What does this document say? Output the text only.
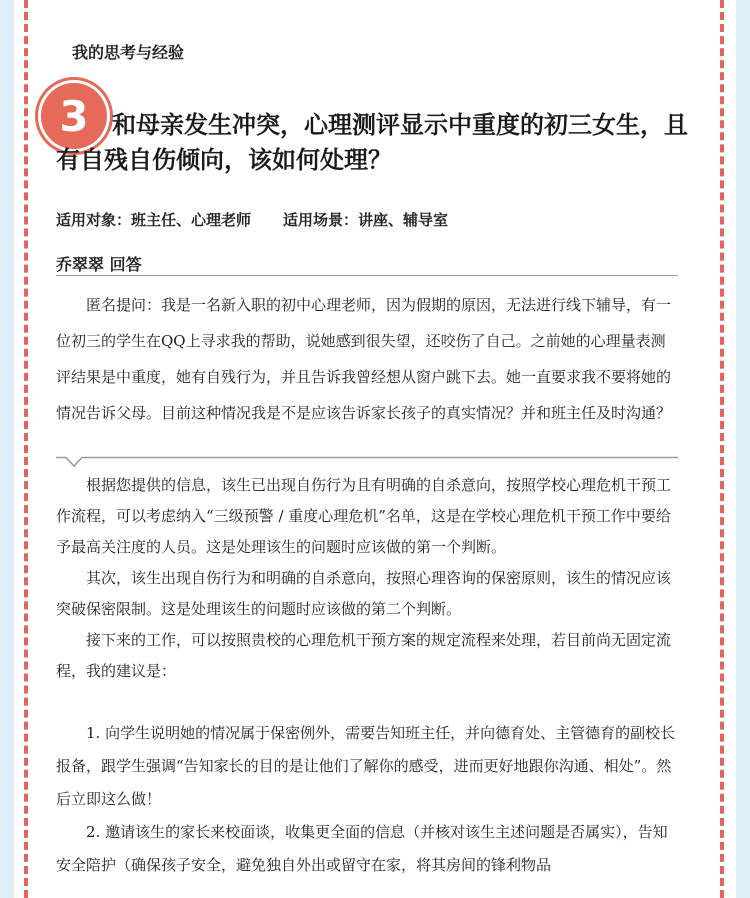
我的思考与经验
3 和母亲发生冲突，心理测评显示中重度的初三女生，且有自残自伤倾向，该如何处理？
适用对象：班主任、心理老师 适用场景：讲座、辅导室
乔翠翠 回答
匿名提问：我是一名新入职的初中心理老师，因为假期的原因，无法进行线下辅导，有一位初三的学生在QQ上寻求我的帮助，说她感到很失望，还咬伤了自己。之前她的心理量表测评结果是中重度，她有自残行为，并且告诉我曾经想从窗户跳下去。她一直要求我不要将她的情况告诉父母。目前这种情况我是不是应该告诉家长孩子的真实情况？并和班主任及时沟通？

根据您提供的信息，该生已出现自伤行为且有明确的自杀意向，按照学校心理危机干预工作流程，可以考虑纳入“三级预警 / 重度心理危机”名单，这是在学校心理危机干预工作中要给予最高关注度的人员。这是处理该生的问题时应该做的第一个判断。

其次，该生出现自伤行为和明确的自杀意向，按照心理咨询的保密原则，该生的情况应该突破保密限制。这是处理该生的问题时应该做的第二个判断。

接下来的工作，可以按照贵校的心理危机干预方案的规定流程来处理，若目前尚无固定流程，我的建议是：

1. 向学生说明她的情况属于保密例外，需要告知班主任，并向德育处、主管德育的副校长报备，跟学生强调“告知家长的目的是让他们了解你的感受，进而更好地跟你沟通、相处”。然后立即这么做！

2. 邀请该生的家长来校面谈，收集更全面的信息（并核对该生主述问题是否属实），告知安全陪护（确保孩子安全，避免独自外出或留守在家，将其房间的锋利物品
